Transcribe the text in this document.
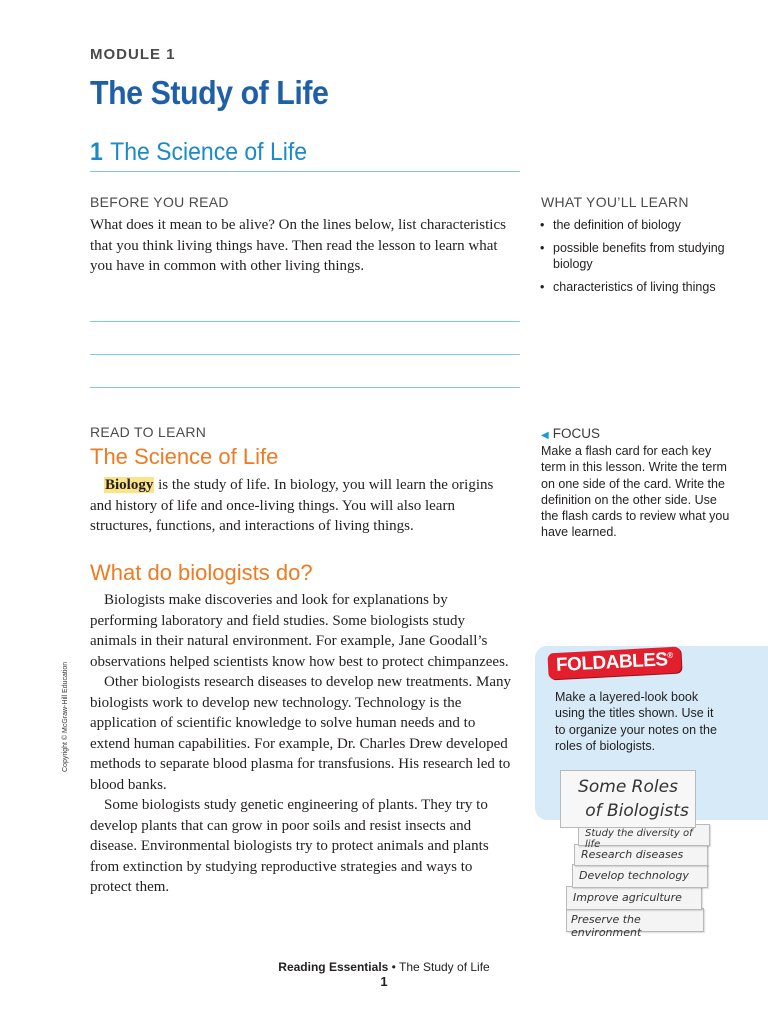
MODULE 1
The Study of Life
1 The Science of Life
BEFORE YOU READ
What does it mean to be alive? On the lines below, list characteristics that you think living things have. Then read the lesson to learn what you have in common with other living things.
WHAT YOU’LL LEARN
• the definition of biology
• possible benefits from studying biology
• characteristics of living things
READ TO LEARN
The Science of Life

Biology is the study of life. In biology, you will learn the origins and history of life and once-living things. You will also learn structures, functions, and interactions of living things.

◀ FOCUS
Make a flash card for each key term in this lesson. Write the term on one side of the card. Write the definition on the other side. Use the flash cards to review what you have learned.
What do biologists do?

Biologists make discoveries and look for explanations by performing laboratory and field studies. Some biologists study animals in their natural environment. For example, Jane Goodall’s observations helped scientists know how best to protect chimpanzees.

Other biologists research diseases to develop new treatments. Many biologists work to develop new technology. Technology is the application of scientific knowledge to solve human needs and to extend human capabilities. For example, Dr. Charles Drew developed methods to separate blood plasma for transfusions. His research led to blood banks.

Some biologists study genetic engineering of plants. They try to develop plants that can grow in poor soils and resist insects and disease. Environmental biologists try to protect animals and plants from extinction by studying reproductive strategies and ways to protect them.

Copyright © McGraw-Hill Education	FOLDABLES®
Make a layered-look book using the titles shown. Use it to organize your notes on the roles of biologists.
Preserve the environment
Improve agriculture
Develop technology
Research diseases
Study the diversity of life
Some Roles
of Biologists
Reading Essentials • The Study of Life
1
